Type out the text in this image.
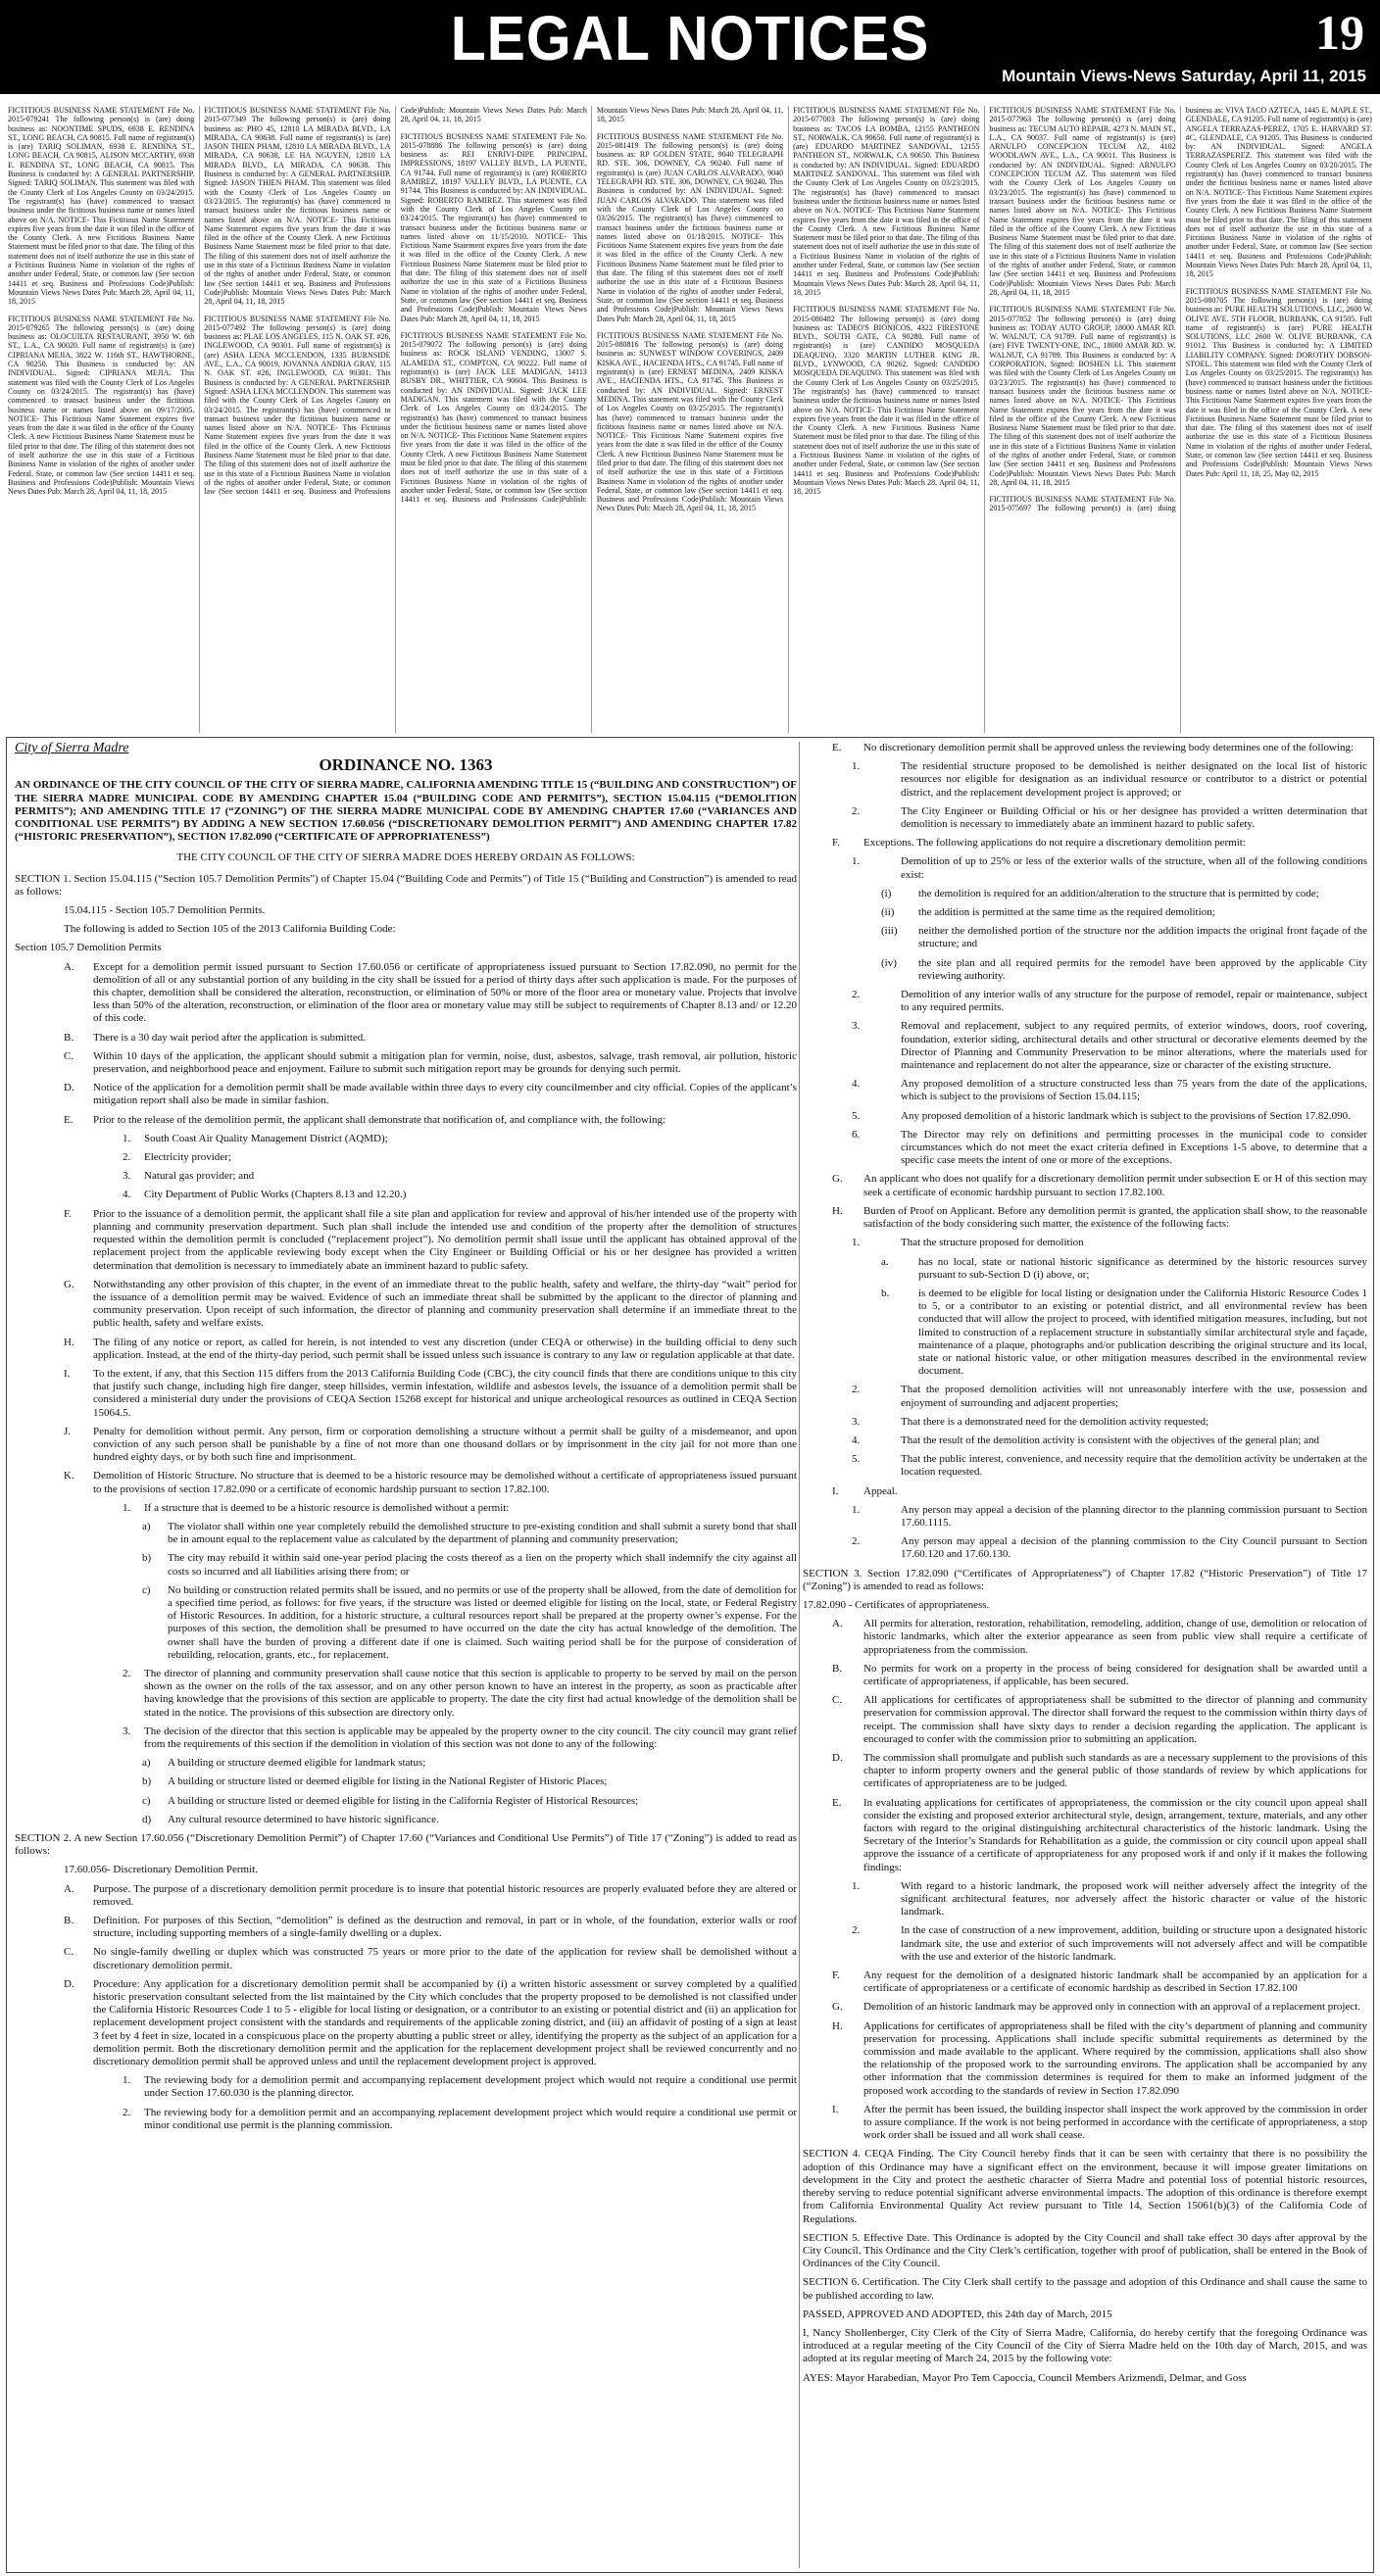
LEGAL NOTICES	19
Mountain Views-News Saturday, April 11, 2015

FICTITIOUS BUSINESS NAME STATEMENT File No. 2015-079241 The following person(s) is (are) doing business as: NOONTIME SPUDS, 6938 E. RENDINA ST., LONG BEACH, CA 90815. Full name of registrant(s) is (are) TARIQ SOLIMAN, 6938 E. RENDINA ST., LONG BEACH, CA 90815, ALISON MCCARTHY, 6938 E. RENDINA ST., LONG BEACH, CA 90815. This Business is conducted by: A GENERAL PARTNERSHIP. Signed: TARIQ SOLIMAN. This statement was filed with the County Clerk of Los Angeles County on 03/24/2015. The registrant(s) has (have) commenced to transact business under the fictitious business name or names listed above on N/A. NOTICE- This Fictitious Name Statement expires five years from the date it was filed in the office of the County Clerk. A new Fictitious Business Name Statement must be filed prior to that date. The filing of this statement does not of itself authorize the use in this state of a Fictitious Business Name in violation of the rights of another under Federal, State, or common law (See section 14411 et seq. Business and Professions Code)Publish: Mountain Views News Dates Pub: March 28, April 04, 11, 18, 2015

FICTITIOUS BUSINESS NAME STATEMENT File No. 2015-079265 The following person(s) is (are) doing business as: OLOCUILTA RESTAURANT, 3950 W. 6th ST., L.A., CA 90020. Full name of registrant(s) is (are) CIPRIANA MEJIA, 3822 W. 116th ST., HAWTHORNE, CA 90250. This Business is conducted by: AN INDIVIDUAL. Signed: CIPRIANA MEJIA. This statement was filed with the County Clerk of Los Angeles County on 03/24/2015. The registrant(s) has (have) commenced to transact business under the fictitious business name or names listed above on 09/17/2005. NOTICE- This Fictitious Name Statement expires five years from the date it was filed in the office of the County Clerk. A new Fictitious Business Name Statement must be filed prior to that date. The filing of this statement does not of itself authorize the use in this state of a Fictitious Business Name in violation of the rights of another under Federal, State, or common law (See section 14411 et seq. Business and Professions Code)Publish: Mountain Views News Dates Pub: March 28, April 04, 11, 18, 2015

FICTITIOUS BUSINESS NAME STATEMENT File No. 2015-077349 The following person(s) is (are) doing business as: PHO 45, 12810 LA MIRADA BLVD., LA MIRADA, CA 90638. Full name of registrant(s) is (are) JASON THIEN PHAM, 12810 LA MIRADA BLVD., LA MIRADA, CA 90638, LE HA NGUYEN, 12810 LA MIRADA BLVD., LA MIRADA, CA 90638. This Business is conducted by: A GENERAL PARTNERSHIP. Signed: JASON THIEN PHAM. This statement was filed with the County Clerk of Los Angeles County on 03/23/2015. The registrant(s) has (have) commenced to transact business under the fictitious business name or names listed above on N/A. NOTICE- This Fictitious Name Statement expires five years from the date it was filed in the office of the County Clerk. A new Fictitious Business Name Statement must be filed prior to that date. The filing of this statement does not of itself authorize the use in this state of a Fictitious Business Name in violation of the rights of another under Federal, State, or common law (See section 14411 et seq. Business and Professions Code)Publish: Mountain Views News Dates Pub: March 28, April 04, 11, 18, 2015

FICTITIOUS BUSINESS NAME STATEMENT File No. 2015-077492 The following person(s) is (are) doing business as: PLAE LOS ANGELES, 115 N. OAK ST. #26, INGLEWOOD, CA 90301. Full name of registrant(s) is (are) ASHA LENA MCCLENDON, 1335 BURNSIDE AVE., L.A., CA 90019, JOVANNA ANDRIA GRAY, 115 N. OAK ST. #26, INGLEWOOD, CA 90301. This Business is conducted by: A GENERAL PARTNERSHIP. Signed: ASHA LENA MCCLENDON. This statement was filed with the County Clerk of Los Angeles County on 03/24/2015. The registrant(s) has (have) commenced to transact business under the fictitious business name or names listed above on N/A. NOTICE- This Fictitious Name Statement expires five years from the date it was filed in the office of the County Clerk. A new Fictitious Business Name Statement must be filed prior to that date. The filing of this statement does not of itself authorize the use in this state of a Fictitious Business Name in violation of the rights of another under Federal, State, or common law (See section 14411 et seq. Business and Professions Code)Publish: Mountain Views News Dates Pub: March 28, April 04, 11, 18, 2015

FICTITIOUS BUSINESS NAME STATEMENT File No. 2015-078886 The following person(s) is (are) doing business as: REI ENRIVI-DIPE PRINCIPAL IMPRESSIONS, 18197 VALLEY BLVD., LA PUENTE, CA 91744. Full name of registrant(s) is (are) ROBERTO RAMIREZ, 18197 VALLEY BLVD., LA PUENTE, CA 91744. This Business is conducted by: AN INDIVIDUAL. Signed: ROBERTO RAMIREZ. This statement was filed with the County Clerk of Los Angeles County on 03/24/2015. The registrant(s) has (have) commenced to transact business under the fictitious business name or names listed above on 11/15/2010. NOTICE- This Fictitious Name Statement expires five years from the date it was filed in the office of the County Clerk. A new Fictitious Business Name Statement must be filed prior to that date. The filing of this statement does not of itself authorize the use in this state of a Fictitious Business Name in violation of the rights of another under Federal, State, or common law (See section 14411 et seq. Business and Professions Code)Publish: Mountain Views News Dates Pub: March 28, April 04, 11, 18, 2015

FICTITIOUS BUSINESS NAME STATEMENT File No. 2015-079072 The following person(s) is (are) doing business as: ROCK ISLAND VENDING, 13007 S. ALAMEDA ST., COMPTON, CA 90222. Full name of registrant(s) is (are) JACK LEE MADIGAN, 14113 BUSBY DR., WHITTIER, CA 90604. This Business is conducted by: AN INDIVIDUAL. Signed: JACK LEE MADIGAN. This statement was filed with the County Clerk of Los Angeles County on 03/24/2015. The registrant(s) has (have) commenced to transact business under the fictitious business name or names listed above on N/A. NOTICE- This Fictitious Name Statement expires five years from the date it was filed in the office of the County Clerk. A new Fictitious Business Name Statement must be filed prior to that date. The filing of this statement does not of itself authorize the use in this state of a Fictitious Business Name in violation of the rights of another under Federal, State, or common law (See section 14411 et seq. Business and Professions Code)Publish: Mountain Views News Dates Pub: March 28, April 04, 11, 18, 2015

FICTITIOUS BUSINESS NAME STATEMENT File No. 2015-081419 The following person(s) is (are) doing business as: RP GOLDEN STATE, 9040 TELEGRAPH RD. STE. 306, DOWNEY, CA 90240. Full name of registrant(s) is (are) JUAN CARLOS ALVARADO, 9040 TELEGRAPH RD. STE. 306, DOWNEY, CA 90240. This Business is conducted by: AN INDIVIDUAL. Signed: JUAN CARLOS ALVARADO. This statement was filed with the County Clerk of Los Angeles County on 03/26/2015. The registrant(s) has (have) commenced to transact business under the fictitious business name or names listed above on 01/18/2015. NOTICE- This Fictitious Name Statement expires five years from the date it was filed in the office of the County Clerk. A new Fictitious Business Name Statement must be filed prior to that date. The filing of this statement does not of itself authorize the use in this state of a Fictitious Business Name in violation of the rights of another under Federal, State, or common law (See section 14411 et seq. Business and Professions Code)Publish: Mountain Views News Dates Pub: March 28, April 04, 11, 18, 2015

FICTITIOUS BUSINESS NAME STATEMENT File No. 2015-080816 The following person(s) is (are) doing business as: SUNWEST WINDOW COVERINGS, 2409 KISKA AVE., HACIENDA HTS., CA 91745. Full name of registrant(s) is (are) ERNEST MEDINA, 2409 KISKA AVE., HACIENDA HTS., CA 91745. This Business is conducted by: AN INDIVIDUAL. Signed: ERNEST MEDINA. This statement was filed with the County Clerk of Los Angeles County on 03/25/2015. The registrant(s) has (have) commenced to transact business under the fictitious business name or names listed above on N/A. NOTICE- This Fictitious Name Statement expires five years from the date it was filed in the office of the County Clerk. A new Fictitious Business Name Statement must be filed prior to that date. The filing of this statement does not of itself authorize the use in this state of a Fictitious Business Name in violation of the rights of another under Federal, State, or common law (See section 14411 et seq. Business and Professions Code)Publish: Mountain Views News Dates Pub: March 28, April 04, 11, 18, 2015

FICTITIOUS BUSINESS NAME STATEMENT File No. 2015-077003 The following person(s) is (are) doing business as: TACOS LA BOMBA, 12155 PANTHEON ST., NORWALK, CA 90650. Full name of registrant(s) is (are) EDUARDO MARTINEZ SANDOVAL, 12155 PANTHEON ST., NORWALK, CA 90650. This Business is conducted by: AN INDIVIDUAL. Signed: EDUARDO MARTINEZ SANDOVAL. This statement was filed with the County Clerk of Los Angeles County on 03/23/2015. The registrant(s) has (have) commenced to transact business under the fictitious business name or names listed above on N/A. NOTICE- This Fictitious Name Statement expires five years from the date it was filed in the office of the County Clerk. A new Fictitious Business Name Statement must be filed prior to that date. The filing of this statement does not of itself authorize the use in this state of a Fictitious Business Name in violation of the rights of another under Federal, State, or common law (See section 14411 et seq. Business and Professions Code)Publish: Mountain Views News Dates Pub: March 28, April 04, 11, 18, 2015

FICTITIOUS BUSINESS NAME STATEMENT File No. 2015-080482 The following person(s) is (are) doing business as: TADEO'S BIONICOS, 4322 FIRESTONE BLVD., SOUTH GATE, CA 90280. Full name of registrant(s) is (are) CANDIDO MOSQUEDA DEAQUINO, 3320 MARTIN LUTHER KING JR. BLVD., LYNWOOD, CA 90262. Signed: CANDIDO MOSQUEDA DEAQUINO. This statement was filed with the County Clerk of Los Angeles County on 03/25/2015. The registrant(s) has (have) commenced to transact business under the fictitious business name or names listed above on N/A. NOTICE- This Fictitious Name Statement expires five years from the date it was filed in the office of the County Clerk. A new Fictitious Business Name Statement must be filed prior to that date. The filing of this statement does not of itself authorize the use in this state of a Fictitious Business Name in violation of the rights of another under Federal, State, or common law (See section 14411 et seq. Business and Professions Code)Publish: Mountain Views News Dates Pub: March 28, April 04, 11, 18, 2015

FICTITIOUS BUSINESS NAME STATEMENT File No. 2015-077963 The following person(s) is (are) doing business as: TECUM AUTO REPAIR, 4273 N. MAIN ST., L.A., CA 90037. Full name of registrant(s) is (are) ARNULFO CONCEPCION TECUM AZ, 4102 WOODLAWN AVE., L.A., CA 90011. This Business is conducted by: AN INDIVIDUAL. Signed: ARNULFO CONCEPCION TECUM AZ. This statement was filed with the County Clerk of Los Angeles County on 03/23/2015. The registrant(s) has (have) commenced to transact business under the fictitious business name or names listed above on N/A. NOTICE- This Fictitious Name Statement expires five years from the date it was filed in the office of the County Clerk. A new Fictitious Business Name Statement must be filed prior to that date. The filing of this statement does not of itself authorize the use in this state of a Fictitious Business Name in violation of the rights of another under Federal, State, or common law (See section 14411 et seq. Business and Professions Code)Publish: Mountain Views News Dates Pub: March 28, April 04, 11, 18, 2015

FICTITIOUS BUSINESS NAME STATEMENT File No. 2015-077852 The following person(s) is (are) doing business as: TODAY AUTO GROUP, 18000 AMAR RD. W. WALNUT, CA 91789. Full name of registrant(s) is (are) FIVE TWENTY-ONE, INC., 18000 AMAR RD. W. WALNUT, CA 91789. This Business is conducted by: A CORPORATION. Signed: BOSHEN LI. This statement was filed with the County Clerk of Los Angeles County on 03/23/2015. The registrant(s) has (have) commenced to transact business under the fictitious business name or names listed above on N/A. NOTICE- This Fictitious Name Statement expires five years from the date it was filed in the office of the County Clerk. A new Fictitious Business Name Statement must be filed prior to that date. The filing of this statement does not of itself authorize the use in this state of a Fictitious Business Name in violation of the rights of another under Federal, State, or common law (See section 14411 et seq. Business and Professions Code)Publish: Mountain Views News Dates Pub: March 28, April 04, 11, 18, 2015

FICTITIOUS BUSINESS NAME STATEMENT File No. 2015-075697 The following person(s) is (are) doing business as: VIVA TACO AZTECA, 1445 E. MAPLE ST., GLENDALE, CA 91205. Full name of registrant(s) is (are) ANGELA TERRAZAS-PEREZ, 1705 E. HARVARD ST. #C, GLENDALE, CA 91205. This Business is conducted by: AN INDIVIDUAL. Signed: ANGELA TERRAZASPEREZ. This statement was filed with the County Clerk of Los Angeles County on 03/20/2015. The registrant(s) has (have) commenced to transact business under the fictitious business name or names listed above on N/A. NOTICE- This Fictitious Name Statement expires five years from the date it was filed in the office of the County Clerk. A new Fictitious Business Name Statement must be filed prior to that date. The filing of this statement does not of itself authorize the use in this state of a Fictitious Business Name in violation of the rights of another under Federal, State, or common law (See section 14411 et seq. Business and Professions Code)Publish: Mountain Views News Dates Pub: March 28, April 04, 11, 18, 2015

FICTITIOUS BUSINESS NAME STATEMENT File No. 2015-080705 The following person(s) is (are) doing business as: PURE HEALTH SOLUTIONS, LLC, 2600 W. OLIVE AVE. 5TH FLOOR, BURBANK, CA 91505. Full name of registrant(s) is (are) PURE HEALTH SOLUTIONS, LLC 2600 W. OLIVE BURBANK, CA 91012. This Business is conducted by: A LIMITED LIABILITY COMPANY. Signed: DOROTHY DOBSON-STOEL. This statement was filed with the County Clerk of Los Angeles County on 03/25/2015. The registrant(s) has (have) commenced to transact business under the fictitious business name or names listed above on N/A. NOTICE- This Fictitious Name Statement expires five years from the date it was filed in the office of the County Clerk. A new Fictitious Business Name Statement must be filed prior to that date. The filing of this statement does not of itself authorize the use in this state of a Fictitious Business Name in violation of the rights of another under Federal, State, or common law (See section 14411 et seq. Business and Professions Code)Publish: Mountain Views News Dates Pub: April 11, 18, 25, May 02, 2015

City of Sierra Madre
ORDINANCE NO. 1363
AN ORDINANCE OF THE CITY COUNCIL OF THE CITY OF SIERRA MADRE, CALIFORNIA AMENDING TITLE 15 (“BUILDING AND CONSTRUCTION”) OF THE SIERRA MADRE MUNICIPAL CODE BY AMENDING CHAPTER 15.04 (“BUILDING CODE AND PERMITS”), SECTION 15.04.115 (“DEMOLITION PERMITS”); AND AMENDING TITLE 17 (“ZONING”) OF THE SIERRA MADRE MUNICIPAL CODE BY AMENDING CHAPTER 17.60 (“VARIANCES AND CONDITIONAL USE PERMITS”) BY ADDING A NEW SECTION 17.60.056 (“DISCRETIONARY DEMOLITION PERMIT”) AND AMENDING CHAPTER 17.82 (“HISTORIC PRESERVATION”), SECTION 17.82.090 (“CERTIFICATE OF APPROPRIATENESS”)
THE CITY COUNCIL OF THE CITY OF SIERRA MADRE DOES HEREBY ORDAIN AS FOLLOWS:
SECTION 1. Section 15.04.115 (“Section 105.7 Demolition Permits”) of Chapter 15.04 (“Building Code and Permits”) of Title 15 (“Building and Construction”) is amended to read as follows:
15.04.115 - Section 105.7 Demolition Permits.
The following is added to Section 105 of the 2013 California Building Code:
Section 105.7 Demolition Permits
A.	Except for a demolition permit issued pursuant to Section 17.60.056 or certificate of appropriateness issued pursuant to Section 17.82.090, no permit for the demolition of all or any substantial portion of any building in the city shall be issued for a period of thirty days after such application is made. For the purposes of this chapter, demolition shall be considered the alteration, reconstruction, or elimination of 50% or more of the floor area or monetary value. Projects that involve less than 50% of the alteration, reconstruction, or elimination of the floor area or monetary value may still be subject to requirements of Chapter 8.13 and/ or 12.20 of this code.
B.	There is a 30 day wait period after the application is submitted.
C.	Within 10 days of the application, the applicant should submit a mitigation plan for vermin, noise, dust, asbestos, salvage, trash removal, air pollution, historic preservation, and neighborhood peace and enjoyment. Failure to submit such mitigation report may be grounds for denying such permit.
D.	Notice of the application for a demolition permit shall be made available within three days to every city councilmember and city official. Copies of the applicant’s mitigation report shall also be made in similar fashion.
E.	Prior to the release of the demolition permit, the applicant shall demonstrate that notification of, and compliance with, the following:
1.	South Coast Air Quality Management District (AQMD);
2.	Electricity provider;
3.	Natural gas provider; and
4.	City Department of Public Works (Chapters 8.13 and 12.20.)
F.	Prior to the issuance of a demolition permit, the applicant shall file a site plan and application for review and approval of his/her intended use of the property with planning and community preservation department. Such plan shall include the intended use and condition of the property after the demolition of structures requested within the demolition permit is concluded (“replacement project”). No demolition permit shall issue until the applicant has obtained approval of the replacement project from the applicable reviewing body except when the City Engineer or Building Official or his or her designee has provided a written determination that demolition is necessary to immediately abate an imminent hazard to public safety.
G.	Notwithstanding any other provision of this chapter, in the event of an immediate threat to the public health, safety and welfare, the thirty-day “wait” period for the issuance of a demolition permit may be waived. Evidence of such an immediate threat shall be submitted by the applicant to the director of planning and community preservation. Upon receipt of such information, the director of planning and community preservation shall determine if an immediate threat to the public health, safety and welfare exists.
H.	The filing of any notice or report, as called for herein, is not intended to vest any discretion (under CEQA or otherwise) in the building official to deny such application. Instead, at the end of the thirty-day period, such permit shall be issued unless such issuance is contrary to any law or regulation applicable at that date.
I.	To the extent, if any, that this Section 115 differs from the 2013 California Building Code (CBC), the city council finds that there are conditions unique to this city that justify such change, including high fire danger, steep hillsides, vermin infestation, wildlife and asbestos levels, the issuance of a demolition permit shall be considered a ministerial duty under the provisions of CEQA Section 15268 except for historical and unique archeological resources as outlined in CEQA Section 15064.5.
J.	Penalty for demolition without permit. Any person, firm or corporation demolishing a structure without a permit shall be guilty of a misdemeanor, and upon conviction of any such person shall be punishable by a fine of not more than one thousand dollars or by imprisonment in the city jail for not more than one hundred eighty days, or by both such fine and imprisonment.
K.	Demolition of Historic Structure. No structure that is deemed to be a historic resource may be demolished without a certificate of appropriateness issued pursuant to the provisions of section 17.82.090 or a certificate of economic hardship pursuant to section 17.82.100.
1.	If a structure that is deemed to be a historic resource is demolished without a permit:
a)	The violator shall within one year completely rebuild the demolished structure to pre-existing condition and shall submit a surety bond that shall be in amount equal to the replacement value as calculated by the department of planning and community preservation;
b)	The city may rebuild it within said one-year period placing the costs thereof as a lien on the property which shall indemnify the city against all costs so incurred and all liabilities arising there from; or
c)	No building or construction related permits shall be issued, and no permits or use of the property shall be allowed, from the date of demolition for a specified time period, as follows: for five years, if the structure was listed or deemed eligible for listing on the local, state, or Federal Registry of Historic Resources. In addition, for a historic structure, a cultural resources report shall be prepared at the property owner’s expense. For the purposes of this section, the demolition shall be presumed to have occurred on the date the city has actual knowledge of the demolition. The owner shall have the burden of proving a different date if one is claimed. Such waiting period shall be for the purpose of consideration of rebuilding, relocation, grants, etc., for replacement.
2.	The director of planning and community preservation shall cause notice that this section is applicable to property to be served by mail on the person shown as the owner on the rolls of the tax assessor, and on any other person known to have an interest in the property, as soon as practicable after having knowledge that the provisions of this section are applicable to property. The date the city first had actual knowledge of the demolition shall be stated in the notice. The provisions of this subsection are directory only.
3.	The decision of the director that this section is applicable may be appealed by the property owner to the city council. The city council may grant relief from the requirements of this section if the demolition in violation of this section was not done to any of the following:
a)	A building or structure deemed eligible for landmark status;
b)	A building or structure listed or deemed eligible for listing in the National Register of Historic Places;
c)	A building or structure listed or deemed eligible for listing in the California Register of Historical Resources;
d)	Any cultural resource determined to have historic significance.
SECTION 2. A new Section 17.60.056 (“Discretionary Demolition Permit”) of Chapter 17.60 (“Variances and Conditional Use Permits”) of Title 17 (“Zoning”) is added to read as follows:
17.60.056- Discretionary Demolition Permit.
A.	Purpose. The purpose of a discretionary demolition permit procedure is to insure that potential historic resources are properly evaluated before they are altered or removed.
B.	Definition. For purposes of this Section, “demolition” is defined as the destruction and removal, in part or in whole, of the foundation, exterior walls or roof structure, including supporting members of a single-family dwelling or a duplex.
C.	No single-family dwelling or duplex which was constructed 75 years or more prior to the date of the application for review shall be demolished without a discretionary demolition permit.
D.	Procedure: Any application for a discretionary demolition permit shall be accompanied by (i) a written historic assessment or survey completed by a qualified historic preservation consultant selected from the list maintained by the City which concludes that the property proposed to be demolished is not classified under the California Historic Resources Code 1 to 5 - eligible for local listing or designation, or a contributor to an existing or potential district and (ii) an application for replacement development project consistent with the standards and requirements of the applicable zoning district, and (iii) an affidavit of posting of a sign at least 3 feet by 4 feet in size, located in a conspicuous place on the property abutting a public street or alley, identifying the property as the subject of an application for a demolition permit. Both the discretionary demolition permit and the application for the replacement development project shall be reviewed concurrently and no discretionary demolition permit shall be approved unless and until the replacement development project is approved.
1.	The reviewing body for a demolition permit and accompanying replacement development project which would not require a conditional use permit under Section 17.60.030 is the planning director.
2.	The reviewing body for a demolition permit and an accompanying replacement development project which would require a conditional use permit or minor conditional use permit is the planning commission.
E.	No discretionary demolition permit shall be approved unless the reviewing body determines one of the following:
1.	The residential structure proposed to be demolished is neither designated on the local list of historic resources nor eligible for designation as an individual resource or contributor to a district or potential district, and the replacement development project is approved; or
2.	The City Engineer or Building Official or his or her designee has provided a written determination that demolition is necessary to immediately abate an imminent hazard to public safety.
F.	Exceptions. The following applications do not require a discretionary demolition permit:
1.	Demolition of up to 25% or less of the exterior walls of the structure, when all of the following conditions exist:
(i)	the demolition is required for an addition/alteration to the structure that is permitted by code;
(ii)	the addition is permitted at the same time as the required demolition;
(iii)	neither the demolished portion of the structure nor the addition impacts the original front façade of the structure; and
(iv)	the site plan and all required permits for the remodel have been approved by the applicable City reviewing authority.
2.	Demolition of any interior walls of any structure for the purpose of remodel, repair or maintenance, subject to any required permits.
3.	Removal and replacement, subject to any required permits, of exterior windows, doors, roof covering, foundation, exterior siding, architectural details and other structural or decorative elements deemed by the Director of Planning and Community Preservation to be minor alterations, where the materials used for maintenance and replacement do not alter the appearance, size or character of the existing structure.
4.	Any proposed demolition of a structure constructed less than 75 years from the date of the applications, which is subject to the provisions of Section 15.04.115;
5.	Any proposed demolition of a historic landmark which is subject to the provisions of Section 17.82.090.
6.	The Director may rely on definitions and permitting processes in the municipal code to consider circumstances which do not meet the exact criteria defined in Exceptions 1-5 above, to determine that a specific case meets the intent of one or more of the exceptions.
G.	An applicant who does not qualify for a discretionary demolition permit under subsection E or H of this section may seek a certificate of economic hardship pursuant to section 17.82.100.
H.	Burden of Proof on Applicant. Before any demolition permit is granted, the application shall show, to the reasonable satisfaction of the body considering such matter, the existence of the following facts:
1.	That the structure proposed for demolition
a.	has no local, state or national historic significance as determined by the historic resources survey pursuant to sub-Section D (i) above, or;
b.	is deemed to be eligible for local listing or designation under the California Historic Resource Codes 1 to 5, or a contributor to an existing or potential district, and all environmental review has been conducted that will allow the project to proceed, with identified mitigation measures, including, but not limited to construction of a replacement structure in substantially similar architectural style and façade, maintenance of a plaque, photographs and/or publication describing the original structure and its local, state or national historic value, or other mitigation measures described in the environmental review document.
2.	That the proposed demolition activities will not unreasonably interfere with the use, possession and enjoyment of surrounding and adjacent properties;
3.	That there is a demonstrated need for the demolition activity requested;
4.	That the result of the demolition activity is consistent with the objectives of the general plan; and
5.	That the public interest, convenience, and necessity require that the demolition activity be undertaken at the location requested.
I.	Appeal.
1.	Any person may appeal a decision of the planning director to the planning commission pursuant to Section 17.60.1115.
2.	Any person may appeal a decision of the planning commission to the City Council pursuant to Section 17.60.120 and 17.60.130.
SECTION 3. Section 17.82.090 (“Certificates of Appropriateness”) of Chapter 17.82 (“Historic Preservation”) of Title 17 (“Zoning”) is amended to read as follows:
17.82.090 - Certificates of appropriateness.
A.	All permits for alteration, restoration, rehabilitation, remodeling, addition, change of use, demolition or relocation of historic landmarks, which alter the exterior appearance as seen from public view shall require a certificate of appropriateness from the commission.
B.	No permits for work on a property in the process of being considered for designation shall be awarded until a certificate of appropriateness, if applicable, has been secured.
C.	All applications for certificates of appropriateness shall be submitted to the director of planning and community preservation for commission approval. The director shall forward the request to the commission within thirty days of receipt. The commission shall have sixty days to render a decision regarding the application. The applicant is encouraged to confer with the commission prior to submitting an application.
D.	The commission shall promulgate and publish such standards as are a necessary supplement to the provisions of this chapter to inform property owners and the general public of those standards of review by which applications for certificates of appropriateness are to be judged.
E.	In evaluating applications for certificates of appropriateness, the commission or the city council upon appeal shall consider the existing and proposed exterior architectural style, design, arrangement, texture, materials, and any other factors with regard to the original distinguishing architectural characteristics of the historic landmark. Using the Secretary of the Interior’s Standards for Rehabilitation as a guide, the commission or city council upon appeal shall approve the issuance of a certificate of appropriateness for any proposed work if and only if it makes the following findings:
1.	With regard to a historic landmark, the proposed work will neither adversely affect the integrity of the significant architectural features, nor adversely affect the historic character or value of the historic landmark.
2.	In the case of construction of a new improvement, addition, building or structure upon a designated historic landmark site, the use and exterior of such improvements will not adversely affect and will be compatible with the use and exterior of the historic landmark.
F.	Any request for the demolition of a designated historic landmark shall be accompanied by an application for a certificate of appropriateness or a certificate of economic hardship as described in Section 17.82.100
G.	Demolition of an historic landmark may be approved only in connection with an approval of a replacement project.
H.	Applications for certificates of appropriateness shall be filed with the city’s department of planning and community preservation for processing. Applications shall include specific submittal requirements as determined by the commission and made available to the applicant. Where required by the commission, applications shall also show the relationship of the proposed work to the surrounding environs. The application shall be accompanied by any other information that the commission determines is required for them to make an informed judgment of the proposed work according to the standards of review in Section 17.82.090
I.	After the permit has been issued, the building inspector shall inspect the work approved by the commission in order to assure compliance. If the work is not being performed in accordance with the certificate of appropriateness, a stop work order shall be issued and all work shall cease.
SECTION 4. CEQA Finding. The City Council hereby finds that it can be seen with certainty that there is no possibility the adoption of this Ordinance may have a significant effect on the environment, because it will impose greater limitations on development in the City and protect the aesthetic character of Sierra Madre and potential loss of potential historic resources, thereby serving to reduce potential significant adverse environmental impacts. The adoption of this ordinance is therefore exempt from California Environmental Quality Act review pursuant to Title 14, Section 15061(b)(3) of the California Code of Regulations.
SECTION 5. Effective Date. This Ordinance is adopted by the City Council and shall take effect 30 days after approval by the City Council. This Ordinance and the City Clerk’s certification, together with proof of publication, shall be entered in the Book of Ordinances of the City Council.
SECTION 6. Certification. The City Clerk shall certify to the passage and adoption of this Ordinance and shall cause the same to be published according to law.
PASSED, APPROVED AND ADOPTED, this 24th day of March, 2015
I, Nancy Shollenberger, City Clerk of the City of Sierra Madre, California, do hereby certify that the foregoing Ordinance was introduced at a regular meeting of the City Council of the City of Sierra Madre held on the 10th day of March, 2015, and was adopted at its regular meeting of March 24, 2015 by the following vote:
AYES: Mayor Harabedian, Mayor Pro Tem Capoccia, Council Members Arizmendi, Delmar, and Goss
